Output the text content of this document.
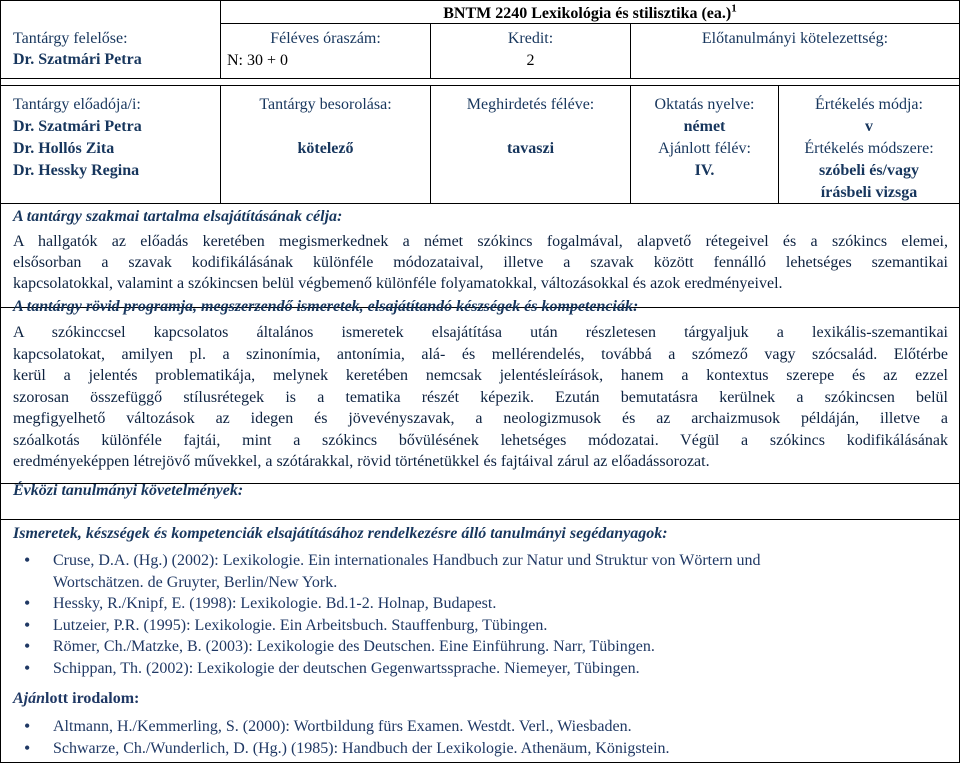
Tantárgy felelőse:
Dr. Szatmári Petra
BNTM 2240 Lexikológia és stilisztika $(ea.)^1$
Féléves óraszám:
N: 30 + 0
Kredit:
2
Előtanulmányi kötelezettség:
Tantárgy előadója/i:
Dr. Szatmári Petra
Dr. Hollós Zita
Dr. Hessky Regina
Tantárgy besorolása:
kötelező
Meghirdetés féléve:
tavaszi
Oktatás nyelve:
német
Ajánlott félév:
IV.
Értékelés módja:
v
Értékelés módszere:
szóbeli és/vagy
írásbeli vizsga
A tantárgy szakmai tartalma elsajátításának célja:
A hallgatók az előadás keretében megismerkednek a német szókincs fogalmával, alapvető rétegeivel és a szókincs elemei,
elsősorban a szavak kodifikálásának különféle módozataival, illetve a szavak között fennálló lehetséges szemantikai
kapcsolatokkal, valamint a szókincsen belül végbemenő különféle folyamatokkal, változásokkal és azok eredményeivel.
A tantárgy rövid programja, megszerzendő ismeretek, elsajátítandó készségek és kompetenciák:
A szókinccsel kapcsolatos általános ismeretek elsajátítása után részletesen tárgyaljuk a lexikális-szemantikai
kapcsolatokat, amilyen pl. a szinonímia, antonímia, alá- és mellérendelés, továbbá a szómező vagy szócsalád. Előtérbe
kerül a jelentés problematikája, melynek keretében nemcsak jelentésleírások, hanem a kontextus szerepe és az ezzel
szorosan összefüggő stílusrétegek is a tematika részét képezik. Ezután bemutatásra kerülnek a szókincsen belül
megfigyelhető változások az idegen és jövevényszavak, a neologizmusok és az archaizmusok példáján, illetve a
szóalkotás különféle fajtái, mint a szókincs bővülésének lehetséges módozatai. Végül a szókincs kodifikálásának
eredményeképpen létrejövő művekkel, a szótárakkal, rövid történetükkel és fajtáival zárul az előadássorozat.
Évközi tanulmányi követelmények:
Ismeretek, készségek és kompetenciák elsajátításához rendelkezésre álló tanulmányi segédanyagok:
• Cruse, D.A. (Hg.) (2002): Lexikologie. Ein internationales Handbuch zur Natur und Struktur von Wörtern und
Wortschätzen. de Gruyter, Berlin/New York.
• Hessky, R./Knipf, E. (1998): Lexikologie. Bd.1-2. Holnap, Budapest.
• Lutzeier, P.R. (1995): Lexikologie. Ein Arbeitsbuch. Stauffenburg, Tübingen.
• Römer, Ch./Matzke, B. (2003): Lexikologie des Deutschen. Eine Einführung. Narr, Tübingen.
• Schippan, Th. (2002): Lexikologie der deutschen Gegenwartssprache. Niemeyer, Tübingen.
Ajánlott irodalom:
• Altmann, H./Kemmerling, S. (2000): Wortbildung fürs Examen. Westdt. Verl., Wiesbaden.
• Schwarze, Ch./Wunderlich, D. (Hg.) (1985): Handbuch der Lexikologie. Athenäum, Königstein.
